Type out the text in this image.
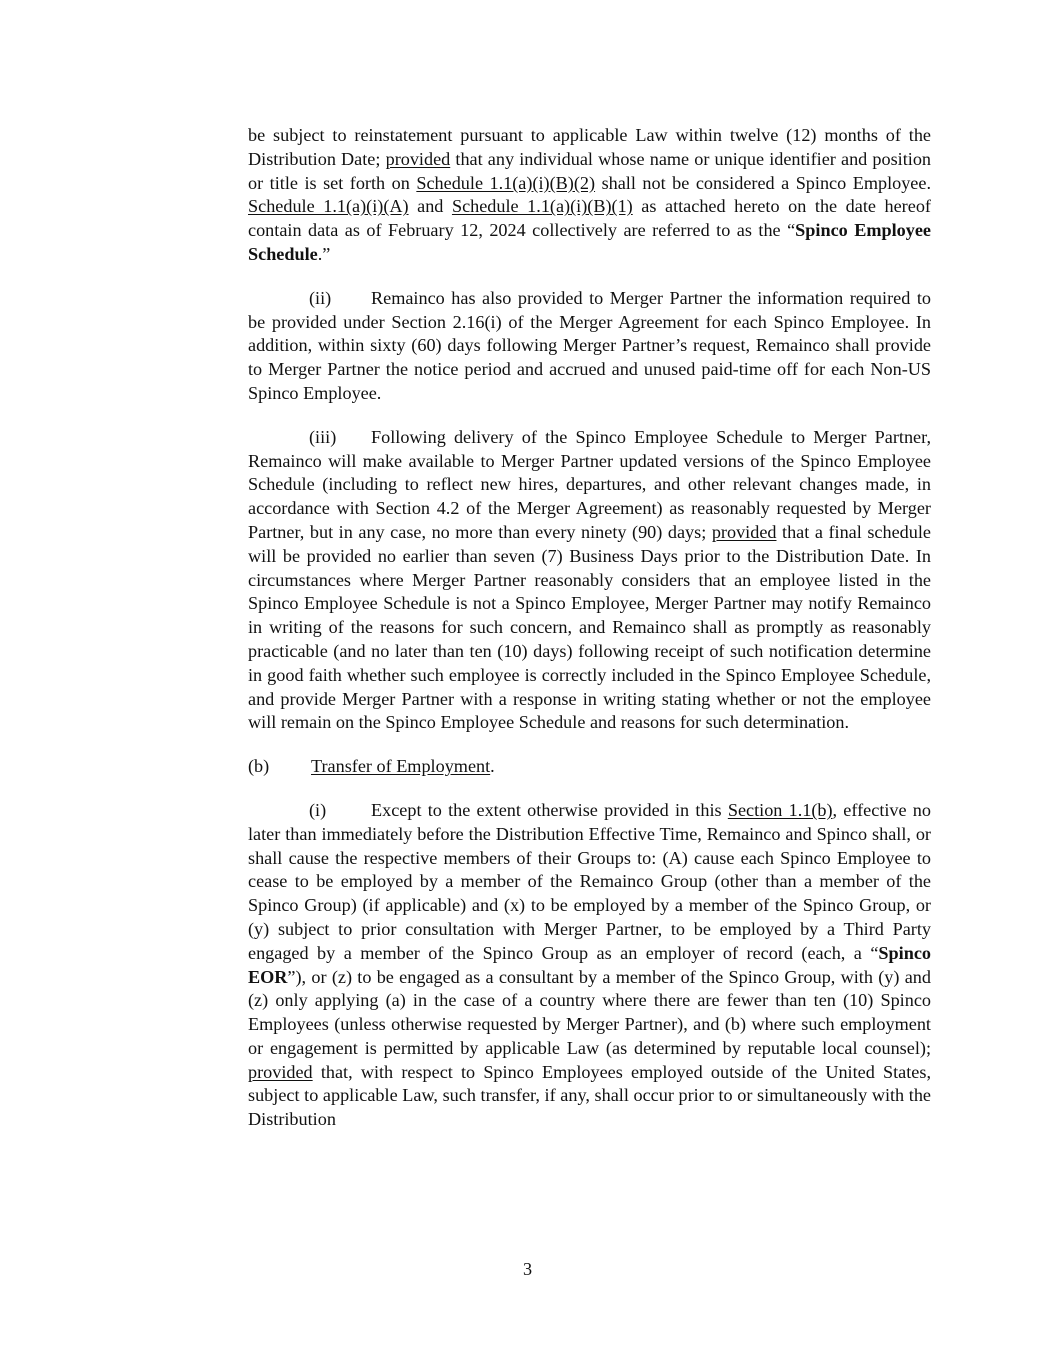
be subject to reinstatement pursuant to applicable Law within twelve (12) months of the Distribution Date; provided that any individual whose name or unique identifier and position or title is set forth on Schedule 1.1(a)(i)(B)(2) shall not be considered a Spinco Employee. Schedule 1.1(a)(i)(A) and Schedule 1.1(a)(i)(B)(1) as attached hereto on the date hereof contain data as of February 12, 2024 collectively are referred to as the “Spinco Employee Schedule.”

(ii) Remainco has also provided to Merger Partner the information required to be provided under Section 2.16(i) of the Merger Agreement for each Spinco Employee. In addition, within sixty (60) days following Merger Partner’s request, Remainco shall provide to Merger Partner the notice period and accrued and unused paid-time off for each Non-US Spinco Employee.

(iii) Following delivery of the Spinco Employee Schedule to Merger Partner, Remainco will make available to Merger Partner updated versions of the Spinco Employee Schedule (including to reflect new hires, departures, and other relevant changes made, in accordance with Section 4.2 of the Merger Agreement) as reasonably requested by Merger Partner, but in any case, no more than every ninety (90) days; provided that a final schedule will be provided no earlier than seven (7) Business Days prior to the Distribution Date. In circumstances where Merger Partner reasonably considers that an employee listed in the Spinco Employee Schedule is not a Spinco Employee, Merger Partner may notify Remainco in writing of the reasons for such concern, and Remainco shall as promptly as reasonably practicable (and no later than ten (10) days) following receipt of such notification determine in good faith whether such employee is correctly included in the Spinco Employee Schedule, and provide Merger Partner with a response in writing stating whether or not the employee will remain on the Spinco Employee Schedule and reasons for such determination.

(b) Transfer of Employment.

(i) Except to the extent otherwise provided in this Section 1.1(b), effective no later than immediately before the Distribution Effective Time, Remainco and Spinco shall, or shall cause the respective members of their Groups to: (A) cause each Spinco Employee to cease to be employed by a member of the Remainco Group (other than a member of the Spinco Group) (if applicable) and (x) to be employed by a member of the Spinco Group, or (y) subject to prior consultation with Merger Partner, to be employed by a Third Party engaged by a member of the Spinco Group as an employer of record (each, a “Spinco EOR”), or (z) to be engaged as a consultant by a member of the Spinco Group, with (y) and (z) only applying (a) in the case of a country where there are fewer than ten (10) Spinco Employees (unless otherwise requested by Merger Partner), and (b) where such employment or engagement is permitted by applicable Law (as determined by reputable local counsel); provided that, with respect to Spinco Employees employed outside of the United States, subject to applicable Law, such transfer, if any, shall occur prior to or simultaneously with the Distribution

3
